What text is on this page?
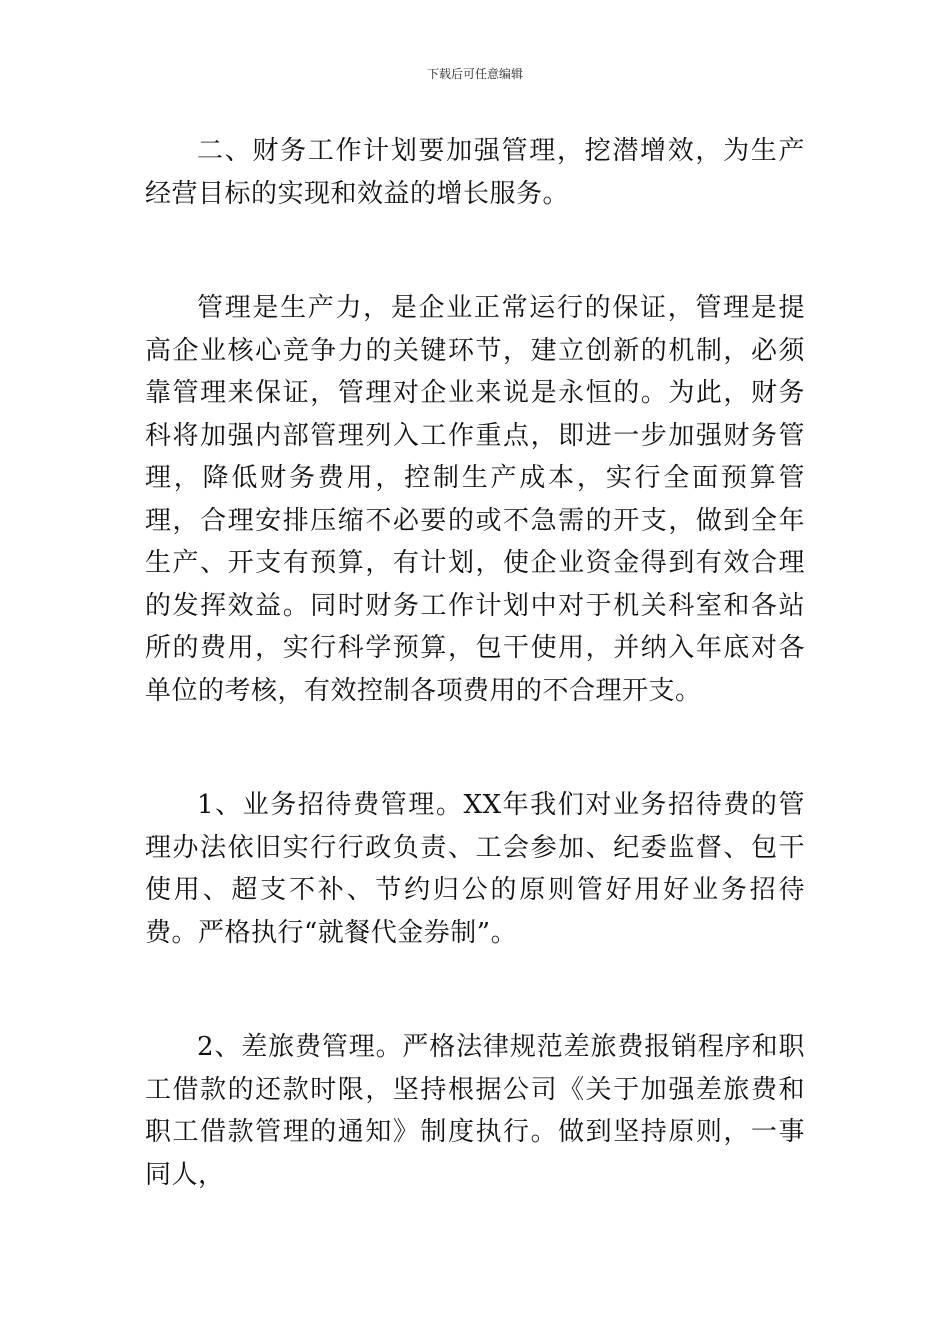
下载后可任意编辑

二、财务工作计划要加强管理，挖潜增效，为生产经营目标的实现和效益的增长服务。

管理是生产力，是企业正常运行的保证，管理是提高企业核心竞争力的关键环节，建立创新的机制，必须靠管理来保证，管理对企业来说是永恒的。为此，财务科将加强内部管理列入工作重点，即进一步加强财务管理，降低财务费用，控制生产成本，实行全面预算管理，合理安排压缩不必要的或不急需的开支，做到全年生产、开支有预算，有计划，使企业资金得到有效合理的发挥效益。同时财务工作计划中对于机关科室和各站所的费用，实行科学预算，包干使用，并纳入年底对各单位的考核，有效控制各项费用的不合理开支。

1、业务招待费管理。XX年我们对业务招待费的管理办法依旧实行行政负责、工会参加、纪委监督、包干使用、超支不补、节约归公的原则管好用好业务招待费。严格执行“就餐代金券制”。

2、差旅费管理。严格法律规范差旅费报销程序和职工借款的还款时限，坚持根据公司《关于加强差旅费和职工借款管理的通知》制度执行。做到坚持原则，一事同人，
